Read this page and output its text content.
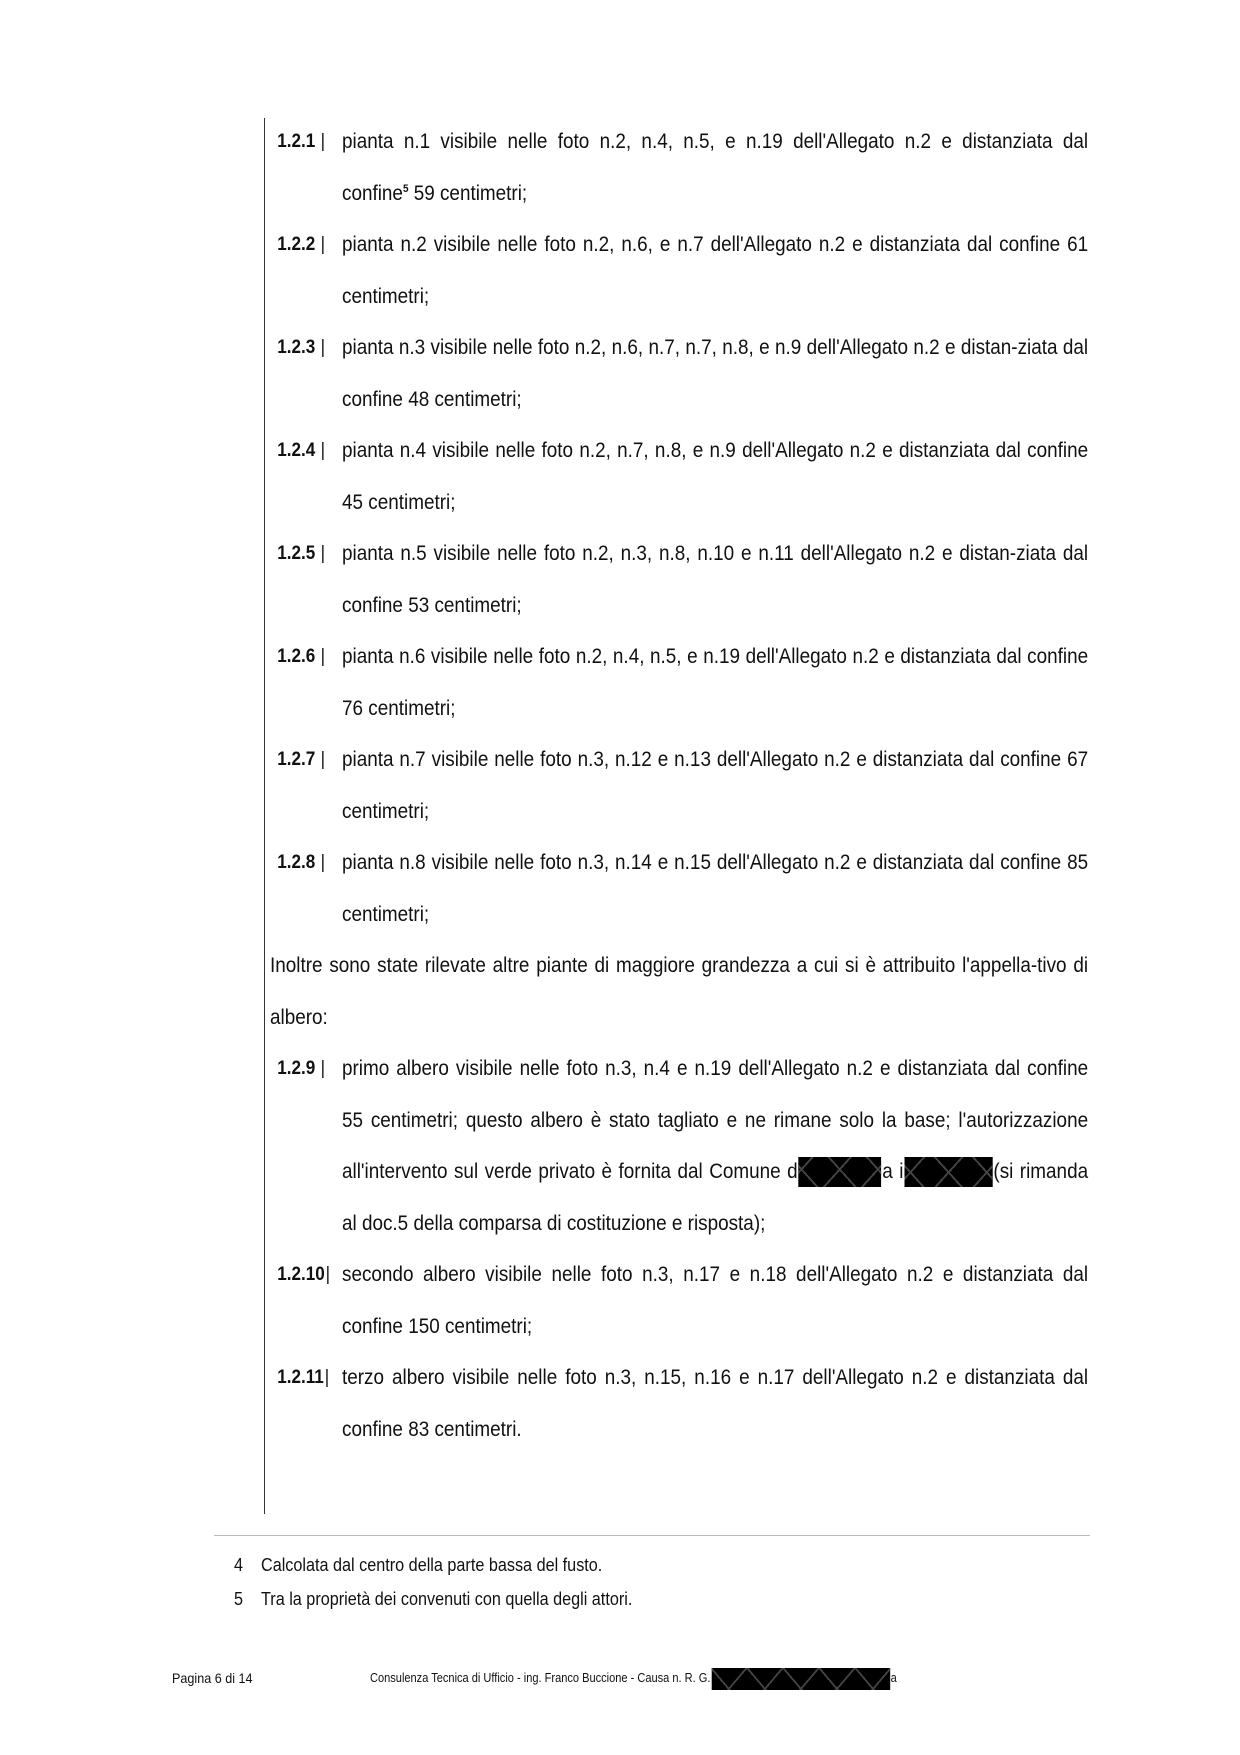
1.2.1 | pianta n.1 visibile nelle foto n.2, n.4, n.5, e n.19 dell'Allegato n.2 e distanziata dal confine$^5$ 59 centimetri;
1.2.2 | pianta n.2 visibile nelle foto n.2, n.6, e n.7 dell'Allegato n.2 e distanziata dal confine 61 centimetri;
1.2.3 | pianta n.3 visibile nelle foto n.2, n.6, n.7, n.7, n.8, e n.9 dell'Allegato n.2 e distan-ziata dal confine 48 centimetri;
1.2.4 | pianta n.4 visibile nelle foto n.2, n.7, n.8, e n.9 dell'Allegato n.2 e distanziata dal confine 45 centimetri;
1.2.5 | pianta n.5 visibile nelle foto n.2, n.3, n.8, n.10 e n.11 dell'Allegato n.2 e distan-ziata dal confine 53 centimetri;
1.2.6 | pianta n.6 visibile nelle foto n.2, n.4, n.5, e n.19 dell'Allegato n.2 e distanziata dal confine 76 centimetri;
1.2.7 | pianta n.7 visibile nelle foto n.3, n.12 e n.13 dell'Allegato n.2 e distanziata dal confine 67 centimetri;
1.2.8 | pianta n.8 visibile nelle foto n.3, n.14 e n.15 dell'Allegato n.2 e distanziata dal confine 85 centimetri;
Inoltre sono state rilevate altre piante di maggiore grandezza a cui si è attribuito l'appella-tivo di albero:
1.2.9 | primo albero visibile nelle foto n.3, n.4 e n.19 dell'Allegato n.2 e distanziata dal confine 55 centimetri; questo albero è stato tagliato e ne rimane solo la base; l'autorizzazione all'intervento sul verde privato è fornita dal Comune d	a i	(si rimanda al doc.5 della comparsa di costituzione e risposta);
1.2.10| secondo albero visibile nelle foto n.3, n.17 e n.18 dell'Allegato n.2 e distanziata dal confine 150 centimetri;
1.2.11| terzo albero visibile nelle foto n.3, n.15, n.16 e n.17 dell'Allegato n.2 e distanziata dal confine 83 centimetri.
4 Calcolata dal centro della parte bassa del fusto.
5 Tra la proprietà dei convenuti con quella degli attori.
Pagina 6 di 14	Consulenza Tecnica di Ufficio - ing. Franco Buccione - Causa n. R. G.	a
